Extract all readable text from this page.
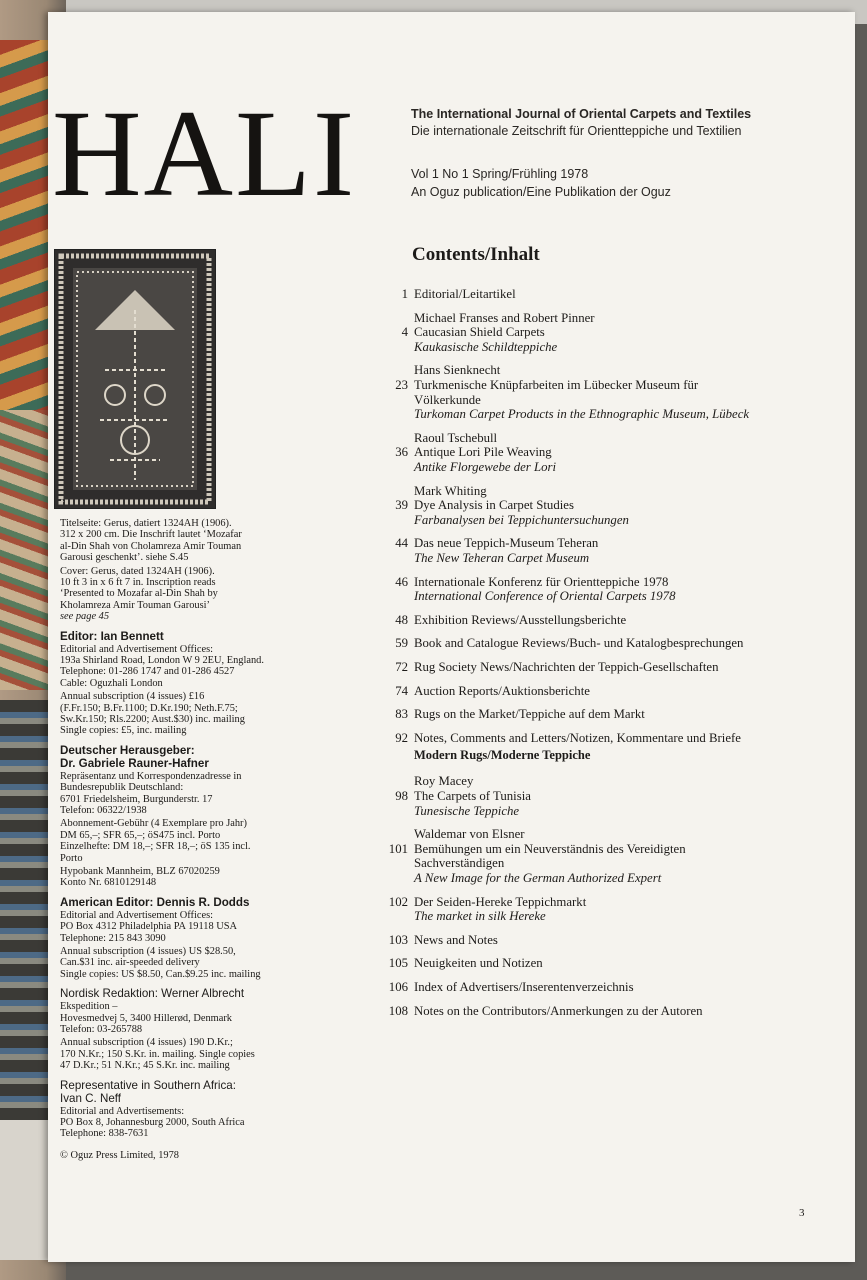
HALI	The International Journal of Oriental Carpets and Textiles
Die internationale Zeitschrift für Orientteppiche und Textilien
Vol 1 No 1 Spring/Frühling 1978
An Oguz publication/Eine Publikation der Oguz
Contents/Inhalt
Modern Rugs/Moderne Teppiche
1 Editorial/Leitartikel
Michael Franses and Robert Pinner
4 Caucasian Shield Carpets
Kaukasische Schildteppiche
Hans Sienknecht
23 Turkmenische Knüpfarbeiten im Lübecker Museum für
Völkerkunde
Turkoman Carpet Products in the Ethnographic Museum, Lübeck
Raoul Tschebull
36 Antique Lori Pile Weaving
Antike Florgewebe der Lori
Mark Whiting
39 Dye Analysis in Carpet Studies
Farbanalysen bei Teppichuntersuchungen
44 Das neue Teppich-Museum Teheran
The New Teheran Carpet Museum
46 Internationale Konferenz für Orientteppiche 1978
International Conference of Oriental Carpets 1978
48 Exhibition Reviews/Ausstellungsberichte
59 Book and Catalogue Reviews/Buch- und Katalogbesprechungen
72 Rug Society News/Nachrichten der Teppich-Gesellschaften
74 Auction Reports/Auktionsberichte
83 Rugs on the Market/Teppiche auf dem Markt
92 Notes, Comments and Letters/Notizen, Kommentare und Briefe
Roy Macey
98 The Carpets of Tunisia
Tunesische Teppiche
Waldemar von Elsner
101 Bemühungen um ein Neuverständnis des Vereidigten
Sachverständigen
A New Image for the German Authorized Expert
102 Der Seiden-Hereke Teppichmarkt
The market in silk Hereke
103 News and Notes
105 Neuigkeiten und Notizen
106 Index of Advertisers/Inserentenverzeichnis
108 Notes on the Contributors/Anmerkungen zu der Autoren
Titelseite: Gerus, datiert 1324AH (1906).
312 x 200 cm. Die Inschrift lautet ‘Mozafar
al-Din Shah von Cholamreza Amir Touman
Garousi geschenkt’. siehe S.45
Cover: Gerus, dated 1324AH (1906).
10 ft 3 in x 6 ft 7 in. Inscription reads
‘Presented to Mozafar al-Din Shah by
Kholamreza Amir Touman Garousi’
see page 45
Editor: Ian Bennett
Editorial and Advertisement Offices:
193a Shirland Road, London W 9 2EU, England.
Telephone: 01-286 1747 and 01-286 4527
Cable: Oguzhali London
Annual subscription (4 issues) £16
(F.Fr.150; B.Fr.1100; D.Kr.190; Neth.F.75;
Sw.Kr.150; Rls.2200; Aust.$30) inc. mailing
Single copies: £5, inc. mailing
Deutscher Herausgeber:
Dr. Gabriele Rauner-Hafner
Repräsentanz und Korrespondenzadresse in
Bundesrepublik Deutschland:
6701 Friedelsheim, Burgunderstr. 17
Telefon: 06322/1938
Abonnement-Gebühr (4 Exemplare pro Jahr)
DM 65,–; SFR 65,–; öS475 incl. Porto
Einzelhefte: DM 18,–; SFR 18,–; öS 135 incl.
Porto
Hypobank Mannheim, BLZ 67020259
Konto Nr. 6810129148
American Editor: Dennis R. Dodds
Editorial and Advertisement Offices:
PO Box 4312 Philadelphia PA 19118 USA
Telephone: 215 843 3090
Annual subscription (4 issues) US $28.50,
Can.$31 inc. air-speeded delivery
Single copies: US $8.50, Can.$9.25 inc. mailing
Nordisk Redaktion: Werner Albrecht
Ekspedition –
Hovesmedvej 5, 3400 Hillerød, Denmark
Telefon: 03-265788
Annual subscription (4 issues) 190 D.Kr.;
170 N.Kr.; 150 S.Kr. in. mailing. Single copies
47 D.Kr.; 51 N.Kr.; 45 S.Kr. inc. mailing
Representative in Southern Africa:
Ivan C. Neff
Editorial and Advertisements:
PO Box 8, Johannesburg 2000, South Africa
Telephone: 838-7631
© Oguz Press Limited, 1978
3
